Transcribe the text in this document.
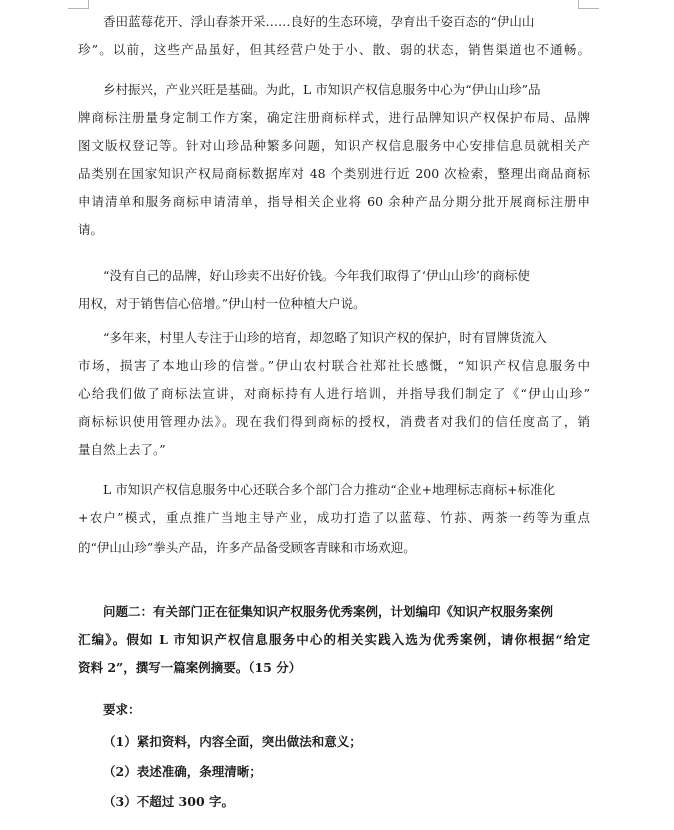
香田蓝莓花开、浮山春茶开采……良好的生态环境，孕育出千姿百态的“伊山山
珍”。以前，这些产品虽好，但其经营户处于小、散、弱的状态，销售渠道也不通畅。
乡村振兴，产业兴旺是基础。为此，L 市知识产权信息服务中心为“伊山山珍”品
牌商标注册量身定制工作方案，确定注册商标样式，进行品牌知识产权保护布局、品牌
图文版权登记等。针对山珍品种繁多问题，知识产权信息服务中心安排信息员就相关产
品类别在国家知识产权局商标数据库对 48 个类别进行近 200 次检索，整理出商品商标
申请清单和服务商标申请清单，指导相关企业将 60 余种产品分期分批开展商标注册申
请。
“没有自己的品牌，好山珍卖不出好价钱。今年我们取得了‘伊山山珍’的商标使
用权，对于销售信心倍增。”伊山村一位种植大户说。
“多年来，村里人专注于山珍的培育，却忽略了知识产权的保护，时有冒牌货流入
市场，损害了本地山珍的信誉。”伊山农村联合社郑社长感慨，“知识产权信息服务中
心给我们做了商标法宣讲，对商标持有人进行培训，并指导我们制定了《“伊山山珍”
商标标识使用管理办法》。现在我们得到商标的授权，消费者对我们的信任度高了，销
量自然上去了。”
L 市知识产权信息服务中心还联合多个部门合力推动“企业+地理标志商标+标准化
+农户”模式，重点推广当地主导产业，成功打造了以蓝莓、竹荪、两茶一药等为重点
的“伊山山珍”拳头产品，许多产品备受顾客青睐和市场欢迎。
问题二：有关部门正在征集知识产权服务优秀案例，计划编印《知识产权服务案例
汇编》。假如 L 市知识产权信息服务中心的相关实践入选为优秀案例，请你根据“给定
资料 2”，撰写一篇案例摘要。（15 分）
要求：
（1）紧扣资料，内容全面，突出做法和意义；
（2）表述准确，条理清晰；
（3）不超过 300 字。
